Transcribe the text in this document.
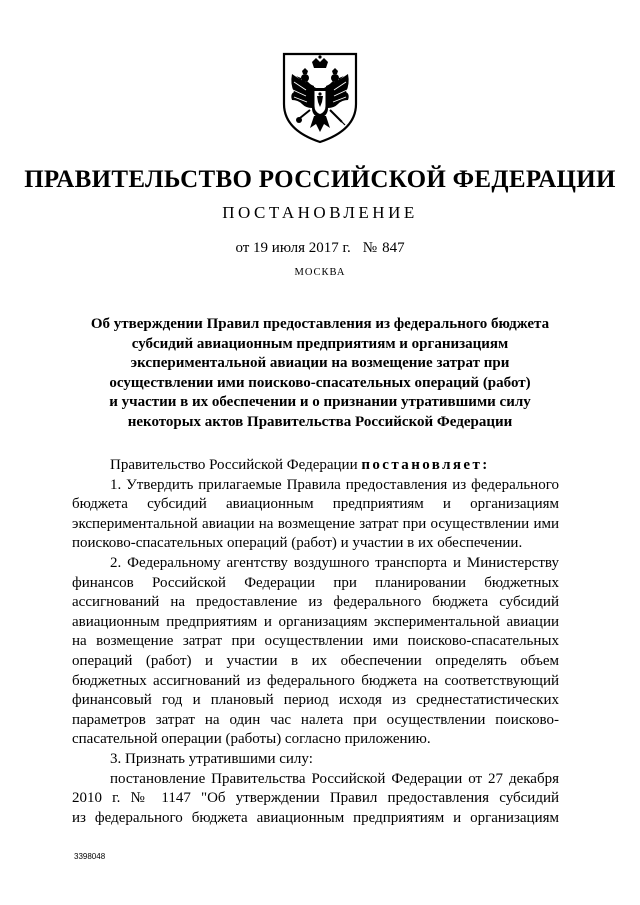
ПРАВИТЕЛЬСТВО РОССИЙСКОЙ ФЕДЕРАЦИИ
ПОСТАНОВЛЕНИЕ
от 19 июля 2017 г. № 847
МОСКВА
Об утверждении Правил предоставления из федерального бюджета
субсидий авиационным предприятиям и организациям
экспериментальной авиации на возмещение затрат при
осуществлении ими поисково-спасательных операций (работ)
и участии в их обеспечении и о признании утратившими силу
некоторых актов Правительства Российской Федерации
Правительство Российской Федерации постановляет:
1. Утвердить прилагаемые Правила предоставления из федерального
бюджета субсидий авиационным предприятиям и организациям
экспериментальной авиации на возмещение затрат при осуществлении ими
поисково-спасательных операций (работ) и участии в их обеспечении.
2. Федеральному агентству воздушного транспорта и Министерству
финансов Российской Федерации при планировании бюджетных
ассигнований на предоставление из федерального бюджета субсидий
авиационным предприятиям и организациям экспериментальной авиации
на возмещение затрат при осуществлении ими поисково-спасательных
операций (работ) и участии в их обеспечении определять объем
бюджетных ассигнований из федерального бюджета на соответствующий
финансовый год и плановый период исходя из среднестатистических
параметров затрат на один час налета при осуществлении поисково-
спасательной операции (работы) согласно приложению.
3. Признать утратившими силу:
постановление Правительства Российской Федерации от 27 декабря
2010 г. № 1147 "Об утверждении Правил предоставления субсидий
из федерального бюджета авиационным предприятиям и организациям
3398048
